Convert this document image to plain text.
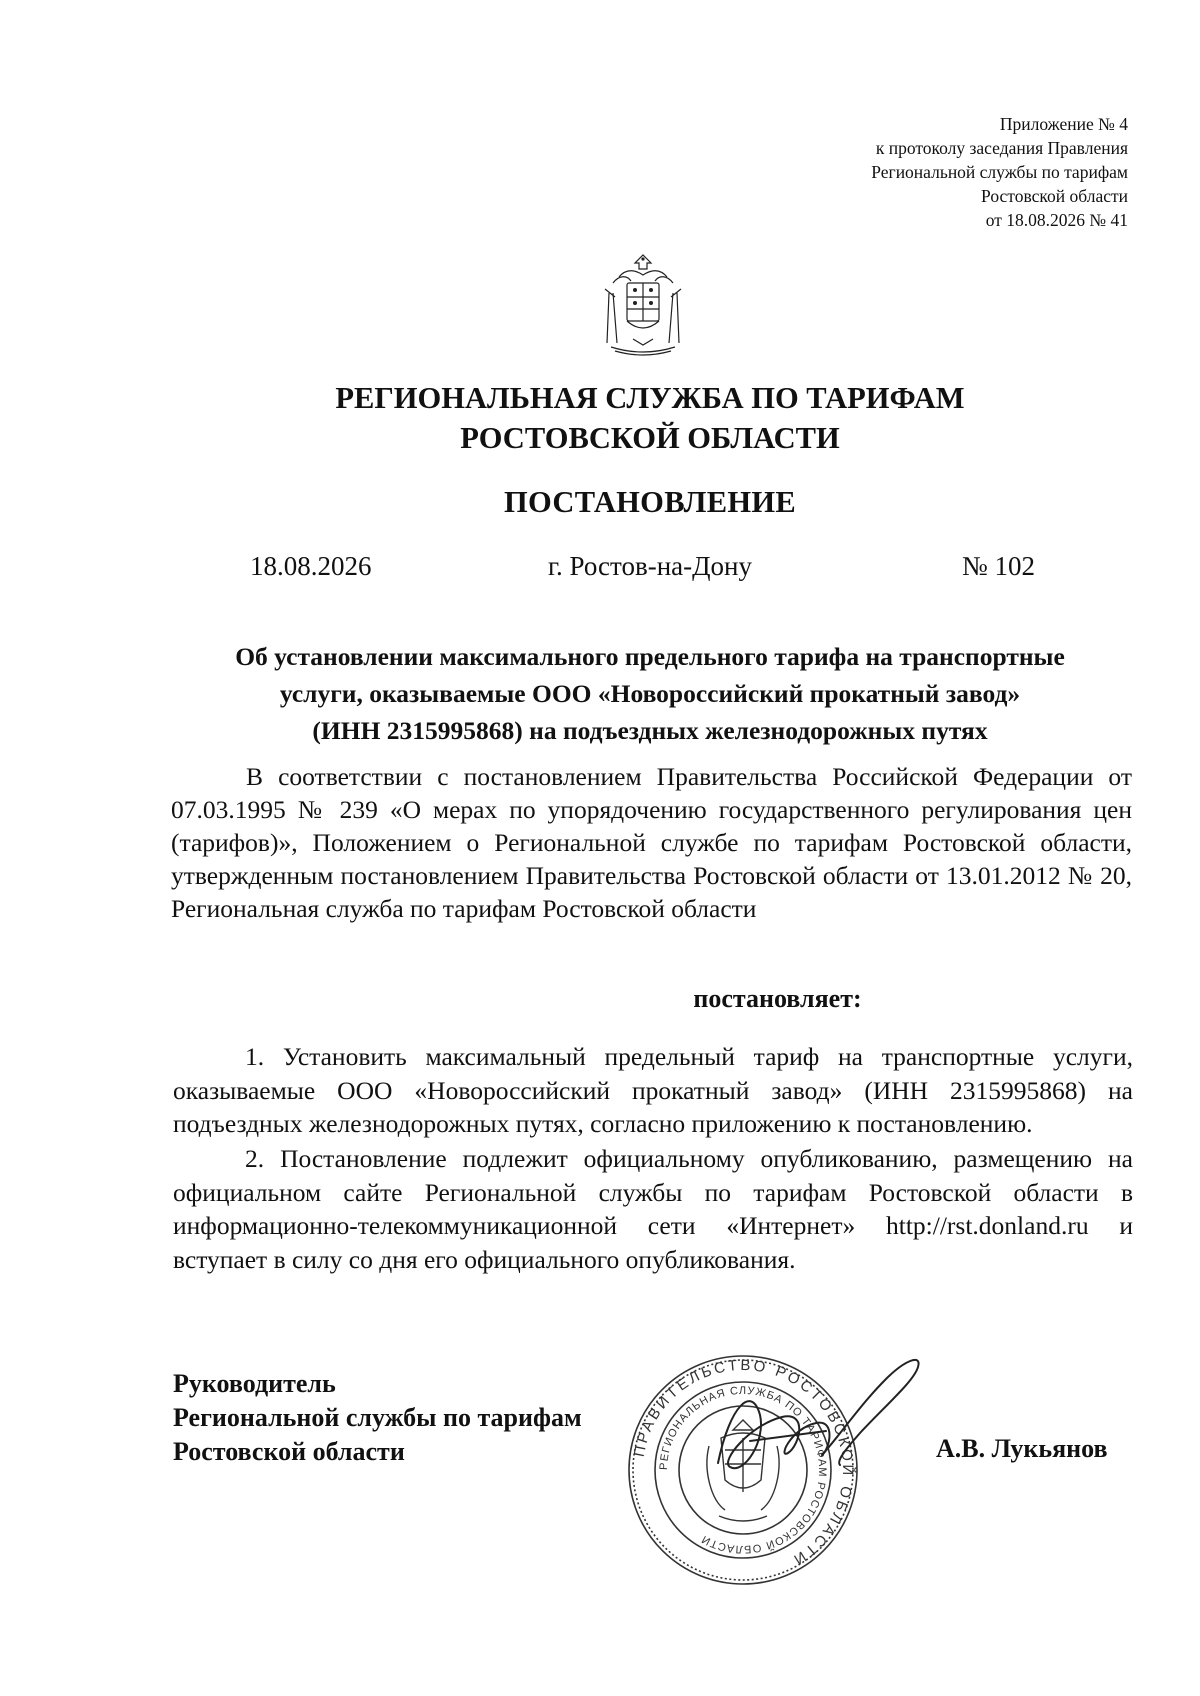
Приложение № 4
к протоколу заседания Правления
Региональной службы по тарифам
Ростовской области
от 18.08.2026 № 41
РЕГИОНАЛЬНАЯ СЛУЖБА ПО ТАРИФАМ
РОСТОВСКОЙ ОБЛАСТИ
ПОСТАНОВЛЕНИЕ
18.08.2026	г. Ростов-на-Дону	№ 102
Об установлении максимального предельного тарифа на транспортные
услуги, оказываемые ООО «Новороссийский прокатный завод»
(ИНН 2315995868) на подъездных железнодорожных путях

В соответствии с постановлением Правительства Российской Федерации от 07.03.1995 № 239 «О мерах по упорядочению государственного регулирования цен (тарифов)», Положением о Региональной службе по тарифам Ростовской области, утвержденным постановлением Правительства Ростовской области от 13.01.2012 № 20, Региональная служба по тарифам Ростовской области

постановляет:

1. Установить максимальный предельный тариф на транспортные услуги, оказываемые ООО «Новороссийский прокатный завод» (ИНН 2315995868) на подъездных железнодорожных путях, согласно приложению к постановлению.

2. Постановление подлежит официальному опубликованию, размещению на официальном сайте Региональной службы по тарифам Ростовской области в информационно-телекоммуникационной сети «Интернет» http://rst.donland.ru и вступает в силу со дня его официального опубликования.

Руководитель
Региональной службы по тарифам
Ростовской области	ПРАВИТЕЛЬСТВО РОСТОВСКОЙ ОБЛАСТИ
РЕГИОНАЛЬНАЯ СЛУЖБА ПО ТАРИФАМ РОСТОВСКОЙ ОБЛАСТИ
А.В. Лукьянов
